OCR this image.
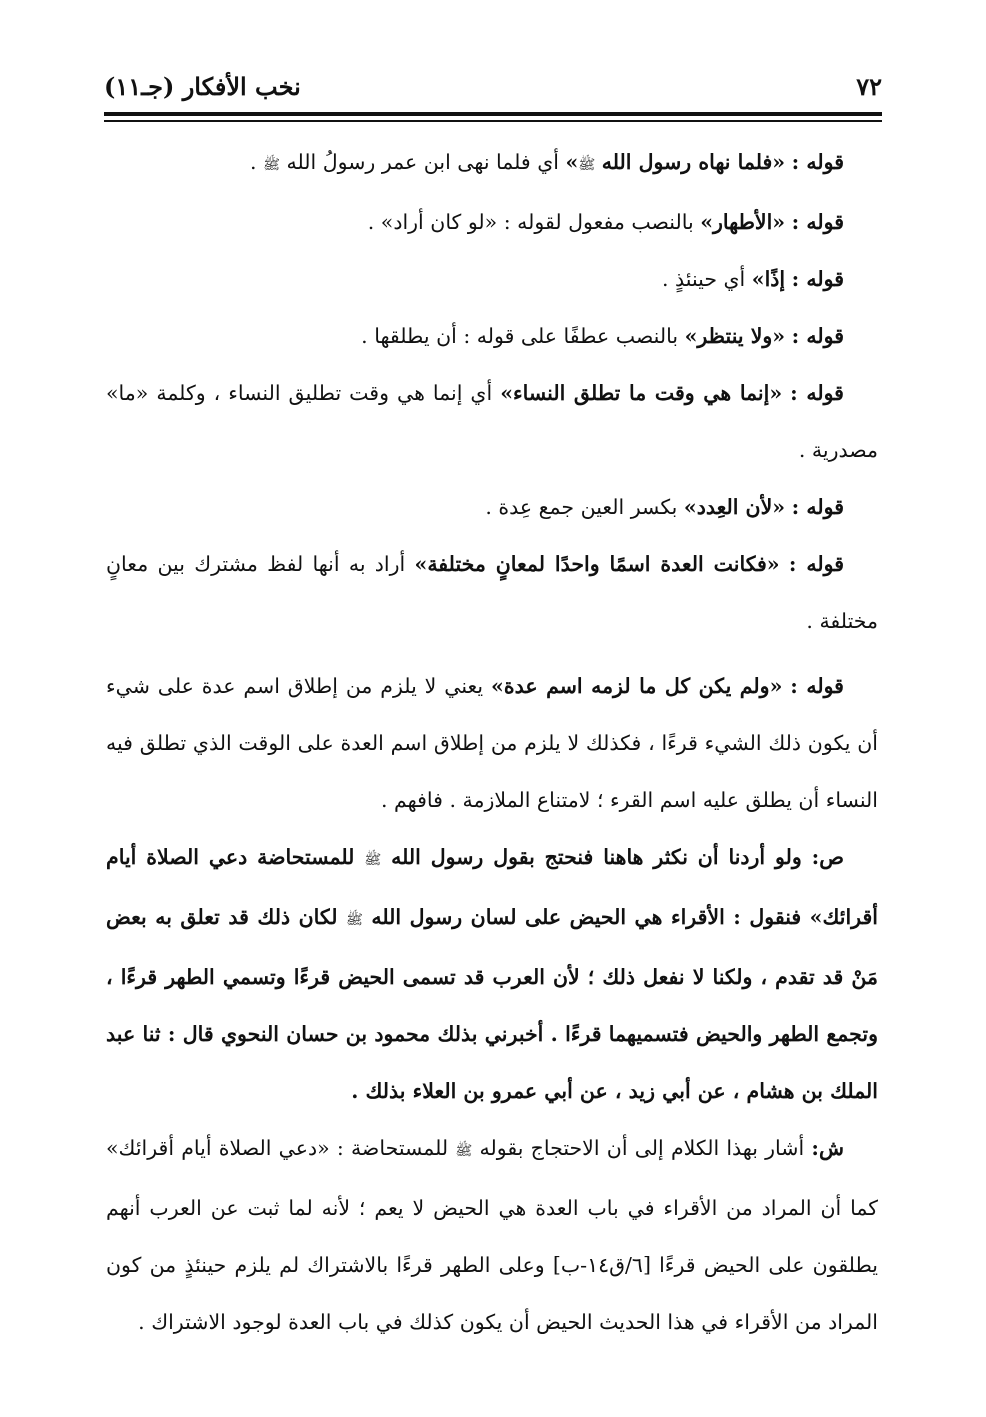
٧٢
نخب الأفكار (جـ١١)

قوله : «فلما نهاه رسول الله ﷺ» أي فلما نهى ابن عمر رسولُ الله ﷺ .

قوله : «الأطهار» بالنصب مفعول لقوله : «لو كان أراد» .

قوله : إذًا» أي حينئذٍ .

قوله : «ولا ينتظر» بالنصب عطفًا على قوله : أن يطلقها .

قوله : «إنما هي وقت ما تطلق النساء» أي إنما هي وقت تطليق النساء ، وكلمة «ما» مصدرية .

قوله : «لأن العِدد» بكسر العين جمع عِدة .

قوله : «فكانت العدة اسمًا واحدًا لمعانٍ مختلفة» أراد به أنها لفظ مشترك بين معانٍ مختلفة .

قوله : «ولم يكن كل ما لزمه اسم عدة» يعني لا يلزم من إطلاق اسم عدة على شيء أن يكون ذلك الشيء قرءًا ، فكذلك لا يلزم من إطلاق اسم العدة على الوقت الذي تطلق فيه النساء أن يطلق عليه اسم القرء ؛ لامتناع الملازمة . فافهم .

ص: ولو أردنا أن نكثر هاهنا فنحتج بقول رسول الله ﷺ للمستحاضة دعي الصلاة أيام أقرائك» فنقول : الأقراء هي الحيض على لسان رسول الله ﷺ لكان ذلك قد تعلق به بعض مَنْ قد تقدم ، ولكنا لا نفعل ذلك ؛ لأن العرب قد تسمى الحيض قرءًا وتسمي الطهر قرءًا ، وتجمع الطهر والحيض فتسميهما قرءًا . أخبرني بذلك محمود بن حسان النحوي قال : ثنا عبد الملك بن هشام ، عن أبي زيد ، عن أبي عمرو بن العلاء بذلك .

ش: أشار بهذا الكلام إلى أن الاحتجاج بقوله ﷺ للمستحاضة : «دعي الصلاة أيام أقرائك» كما أن المراد من الأقراء في باب العدة هي الحيض لا يعم ؛ لأنه لما ثبت عن العرب أنهم يطلقون على الحيض قرءًا [٦/ق١٤-ب] وعلى الطهر قرءًا بالاشتراك لم يلزم حينئذٍ من كون المراد من الأقراء في هذا الحديث الحيض أن يكون كذلك في باب العدة لوجود الاشتراك .
